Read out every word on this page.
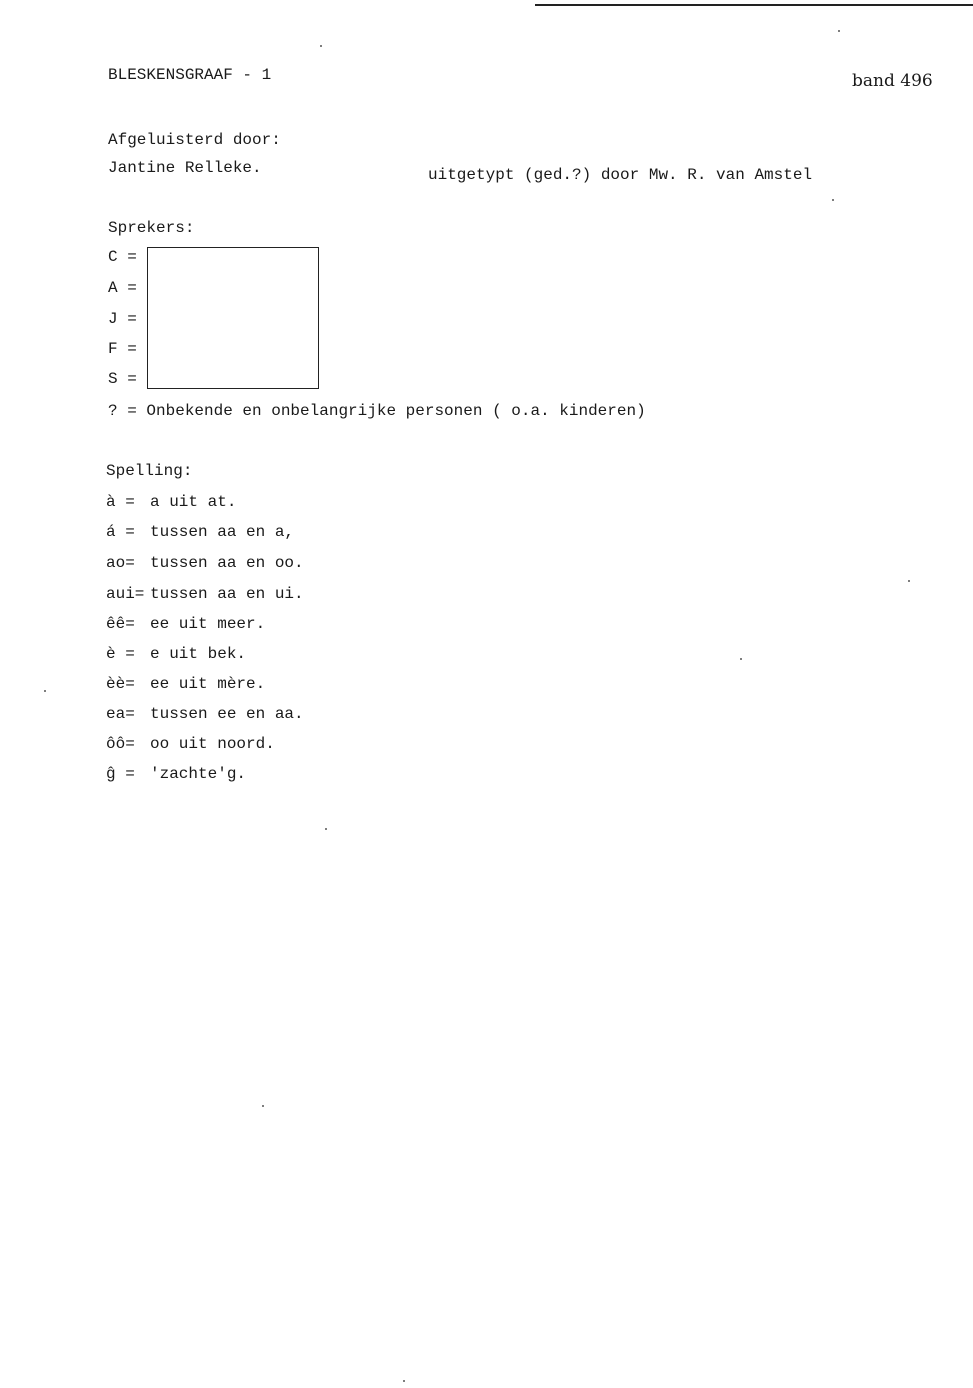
BLESKENSGRAAF - 1	band 496
Afgeluisterd door:
Jantine Relleke.	uitgetypt (ged.?) door Mw. R. van Amstel
Sprekers:
C =
A =
J =
F =
S =
? = Onbekende en onbelangrijke personen ( o.a. kinderen)
Spelling:
à = a uit at.
á = tussen aa en a,
ao= tussen aa en oo.
aui= tussen aa en ui.
êê= ee uit meer.
è = e uit bek.
èè= ee uit mère.
ea= tussen ee en aa.
ôô= oo uit noord.
ĝ = 'zachte'g.
